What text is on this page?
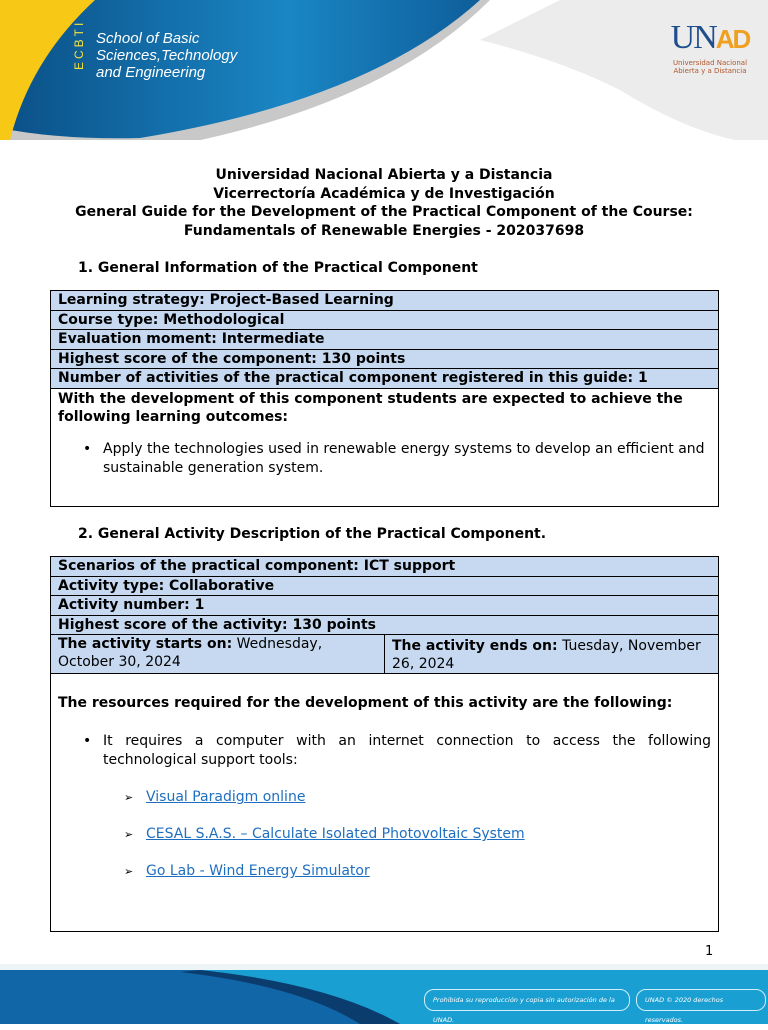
ECBTI School of Basic
Sciences,Technology
and Engineering
UNAD
Universidad Nacional
Abierta y a Distancia
Universidad Nacional Abierta y a Distancia
Vicerrectoría Académica y de Investigación
General Guide for the Development of the Practical Component of the Course:
Fundamentals of Renewable Energies - 202037698
1. General Information of the Practical Component
Learning strategy: Project-Based Learning
Course type: Methodological
Evaluation moment: Intermediate
Highest score of the component: 130 points
Number of activities of the practical component registered in this guide: 1

With the development of this component students are expected to achieve the following learning outcomes:
• Apply the technologies used in renewable energy systems to develop an efficient and sustainable generation system.
2. General Activity Description of the Practical Component.
Scenarios of the practical component: ICT support
Activity type: Collaborative
Activity number: 1
Highest score of the activity: 130 points
The activity starts on: Wednesday, October 30, 2024	The activity ends on: Tuesday, November 26, 2024

The resources required for the development of this activity are the following:
• It requires a computer with an internet connection to access the following technological support tools:
➢ Visual Paradigm online
➢ CESAL S.A.S. – Calculate Isolated Photovoltaic System
➢ Go Lab - Wind Energy Simulator
1
Prohibida su reproducción y copia sin autorización de la UNAD.
UNAD © 2020 derechos reservados.
